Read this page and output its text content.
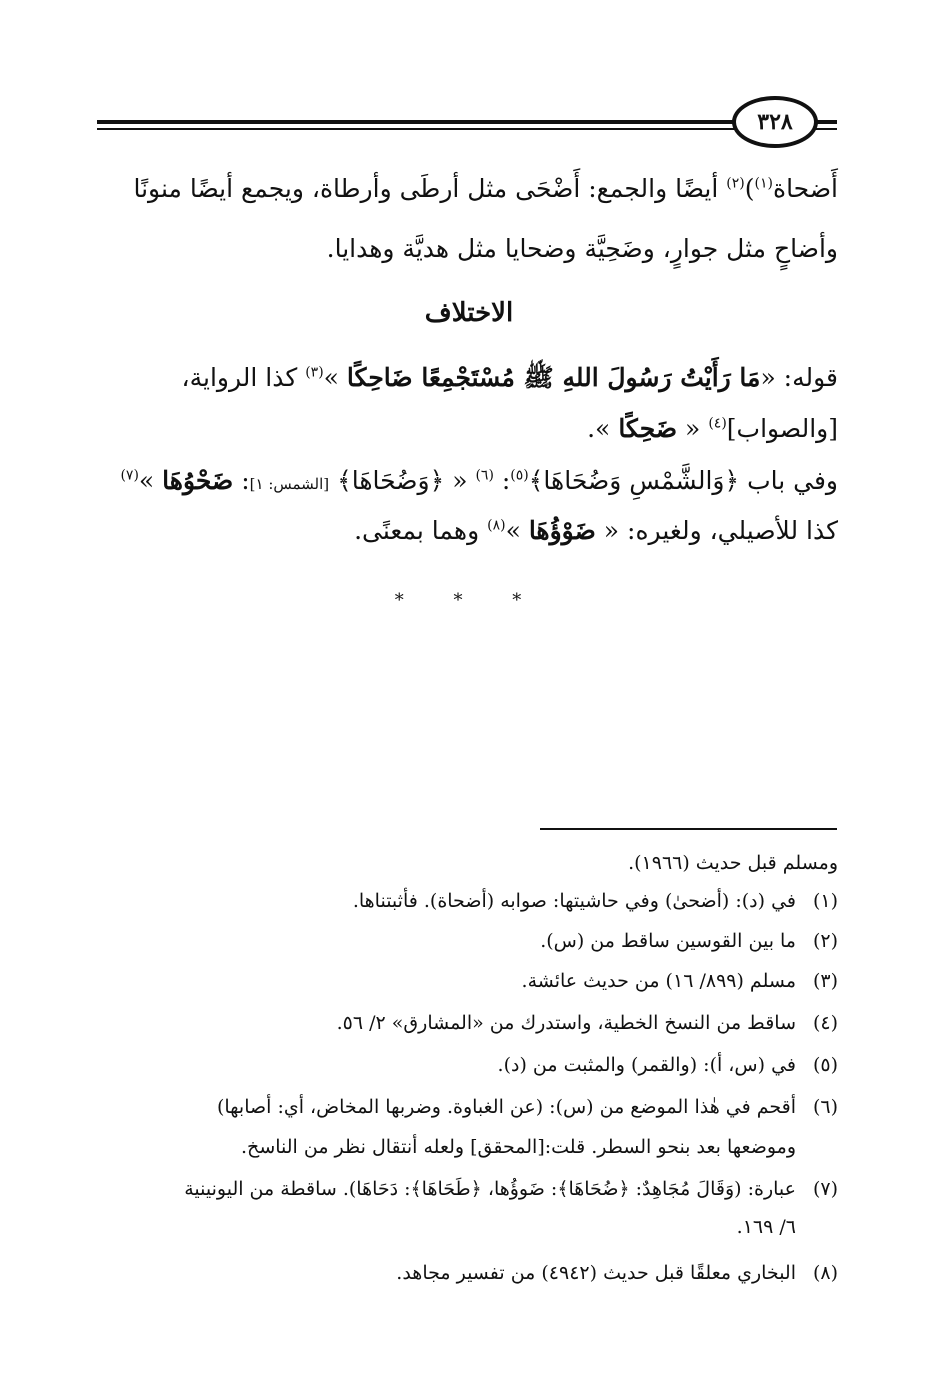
٣٢٨
أَضحاة$^{(١)}$)$^{(٢)}$ أيضًا والجمع: أَضْحَى مثل أرطَى وأرطاة، ويجمع أيضًا منونًا
وأضاحٍ مثل جوارٍ، وضَحِيَّة وضحايا مثل هديَّة وهدايا.
الاختلاف
قوله: «مَا رَأَيْتُ رَسُولَ اللهِ ﷺ مُسْتَجْمِعًا ضَاحِكًا »$^{(٣)}$ كذا الرواية،
[والصواب]$^{(٤)}$ « ضَحِكًا ».
وفي باب ﴿وَالشَّمْسِ وَضُحَاهَا﴾$^{(٥)}$: $^{(٦)}$ « ﴿وَضُحَاهَا﴾ [الشمس: ١]: ضَحْوُهَا »$^{(٧)}$
كذا للأصيلي، ولغيره: « ضَوْؤُهَا »$^{(٨)}$ وهما بمعنًى.
* * *
ومسلم قبل حديث (١٩٦٦).
(١)في (د): (أضحىٰ) وفي حاشيتها: صوابه (أضحاة). فأثبتناها.
(٢)ما بين القوسين ساقط من (س).
(٣)مسلم (٨٩٩/ ١٦) من حديث عائشة.
(٤)ساقط من النسخ الخطية، واستدرك من «المشارق» ٢/ ٥٦.
(٥)في (س، أ): (والقمر) والمثبت من (د).
(٦)أقحم في هٰذا الموضع من (س): (عن الغباوة. وضربها المخاض، أي: أصابها)
وموضعها بعد بنحو السطر. قلت:[المحقق] ولعله أنتقال نظر من الناسخ.
(٧)عبارة: (وَقَالَ مُجَاهِدٌ: ﴿ضُحَاهَا﴾: ضَوؤُها، ﴿طَحَاهَا﴾: دَحَاهَا). ساقطة من اليونينية
٦/ ١٦٩.
(٨)البخاري معلقًا قبل حديث (٤٩٤٢) من تفسير مجاهد.
